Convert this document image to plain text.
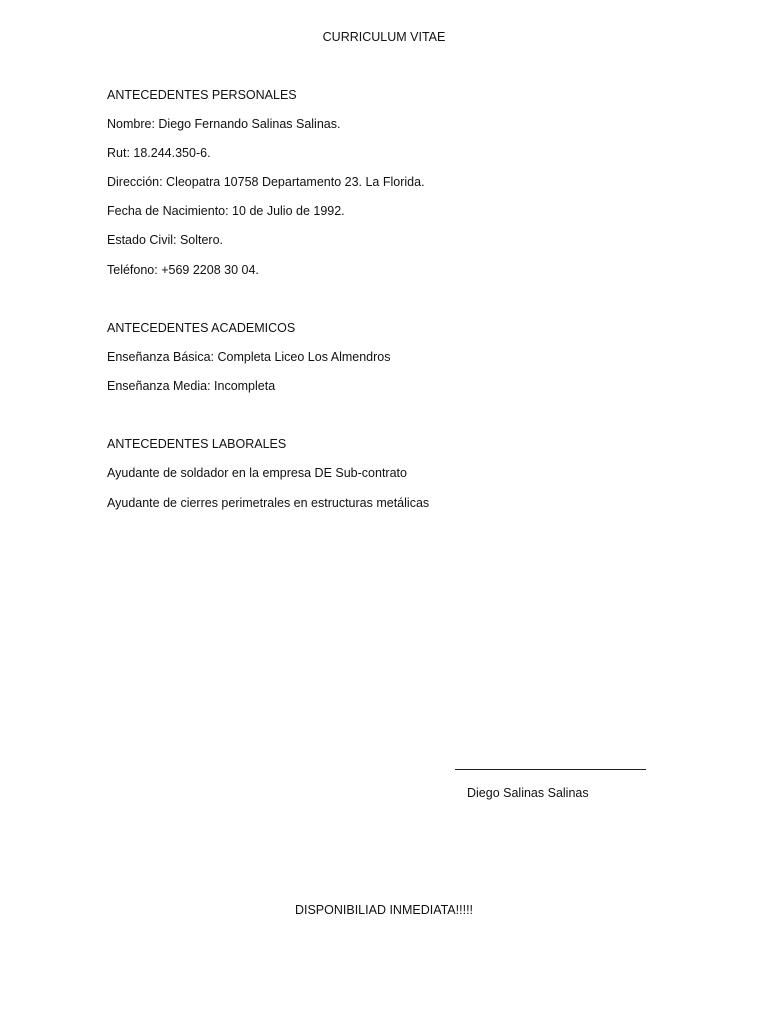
CURRICULUM VITAE
ANTECEDENTES PERSONALES
Nombre: Diego Fernando Salinas Salinas.
Rut: 18.244.350-6.
Dirección: Cleopatra 10758 Departamento 23. La Florida.
Fecha de Nacimiento: 10 de Julio de 1992.
Estado Civil: Soltero.
Teléfono: +569 2208 30 04.
ANTECEDENTES ACADEMICOS
Enseñanza Básica: Completa Liceo Los Almendros
Enseñanza Media: Incompleta
ANTECEDENTES LABORALES
Ayudante de soldador en la empresa DE Sub-contrato
Ayudante de cierres perimetrales en estructuras metálicas
Diego Salinas Salinas
DISPONIBILIAD INMEDIATA!!!!!
